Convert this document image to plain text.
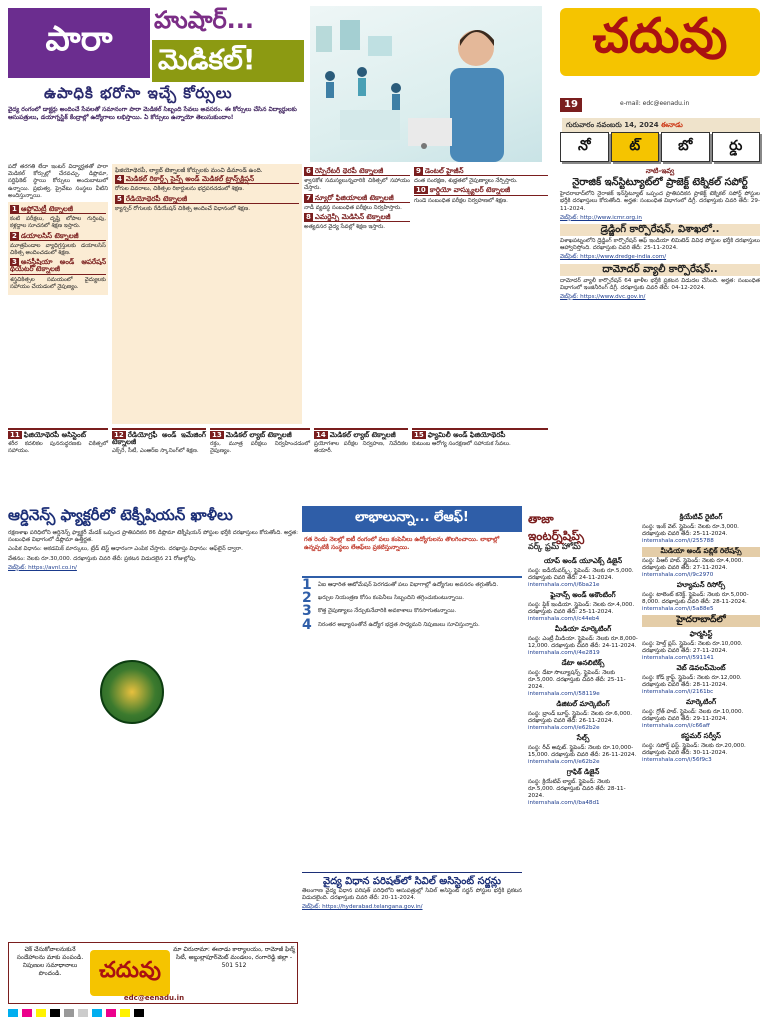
పారా	హుషార్...
మెడికల్!
ఉపాధికి భరోసా ఇచ్చే కోర్సులు
వైద్య రంగంలో డాక్టర్లు అందించే సేవలతో సమానంగా పారా మెడికల్ సిబ్బంది సేవలు అవసరం. ఈ కోర్సులు చేసిన విద్యార్థులకు ఆసుపత్రులు, డయాగ్నస్టిక్ కేంద్రాల్లో ఉద్యోగాలు లభిస్తాయి. ఏ కోర్సులు ఉన్నాయో తెలుసుకుందాం!
చదువు
19	e-mail: edc@eenadu.in
గురువారం నవంబరు 14, 2024 ఈనాడు
నో	ట్	బో	ర్డు

పదో తరగతి లేదా ఇంటర్ విద్యార్హతతో పారా మెడికల్ కోర్సుల్లో చేరవచ్చు. డిప్లొమా, సర్టిఫికెట్ స్థాయి కోర్సులు అందుబాటులో ఉన్నాయి. ప్రభుత్వ, ప్రైవేటు సంస్థలు వీటిని అందిస్తున్నాయి.

1 ఆప్టోమెట్రీ టెక్నాలజీ

కంటి పరీక్షలు, దృష్టి లోపాల గుర్తింపు, కళ్లద్దాల సూచనలో శిక్షణ ఇస్తారు.

2 డయాలసిస్ టెక్నాలజీ

మూత్రపిండాల వ్యాధిగ్రస్తులకు డయాలసిస్ చికిత్స అందించడంలో శిక్షణ.

3 అనస్థీషియా అండ్ ఆపరేషన్ థియేటర్ టెక్నాలజీ

శస్త్రచికిత్సల సమయంలో వైద్యులకు సహాయం చేయడంలో నైపుణ్యం.

ఫిజియోథెరపీ, ల్యాబ్ టెక్నాలజీ కోర్సులకు మంచి డిమాండ్ ఉంది.

4 మెడికల్ రికార్డ్స్ సైన్స్ అండ్ మెడికల్ ట్రాన్స్‌క్రిప్షన్

రోగుల వివరాలు, చికిత్సల రికార్డులను భద్రపరచడంలో శిక్షణ.

5 రేడియోథెరపీ టెక్నాలజీ

క్యాన్సర్ రోగులకు రేడియేషన్ చికిత్స అందించే విధానంలో శిక్షణ.

6 రెస్పిరేటరీ థెరపీ టెక్నాలజీ

శ్వాసకోశ సమస్యలున్నవారికి చికిత్సలో సహాయం చేస్తారు.

7 న్యూరో ఫిజియాలజీ టెక్నాలజీ

నాడీ వ్యవస్థ సంబంధిత పరీక్షలు నిర్వహిస్తారు.

8 ఎమర్జెన్సీ మెడిసిన్ టెక్నాలజీ

అత్యవసర వైద్య సేవల్లో శిక్షణ ఇస్తారు.

9 డెంటల్ హైజీన్

దంత సంరక్షణ, శుభ్రతలో నైపుణ్యాలు నేర్పిస్తారు.

10 కార్డియో వాస్క్యులర్ టెక్నాలజీ

గుండె సంబంధిత పరీక్షల నిర్వహణలో శిక్షణ.

11 ఫిజియోథెరపీ అసిస్టెంట్

శరీర కదలికల పునరుద్ధరణకు చికిత్సలో సహాయం.

12 రేడియోగ్రఫీ అండ్ ఇమేజింగ్ టెక్నాలజీ

ఎక్స్‌రే, సీటీ, ఎంఆర్ఐ స్కానింగ్‌లో శిక్షణ.

13 మెడికల్ ల్యాబ్ టెక్నాలజీ

రక్తం, మూత్ర పరీక్షలు నిర్వహించడంలో నైపుణ్యం.

14 మెడికల్ ల్యాబ్ టెక్నాలజీ

ప్రయోగశాల పరీక్షల నిర్వహణ, నివేదికల తయారీ.

15 ఫ్యామిలీ అండ్ ఫిజియోథెరపీ

కుటుంబ ఆరోగ్య సంరక్షణలో సహాయక సేవలు.

నాటి-ఇవ్వ
నైరాజిక్ ఇన్‌స్టిట్యూట్‌లో ప్రాజెక్ట్ టెక్నికల్ సపోర్ట్

హైదరాబాద్‌లోని నైరాజిక్ ఇన్‌స్టిట్యూట్ ఒప్పంద ప్రాతిపదికన ప్రాజెక్ట్ టెక్నికల్ సపోర్ట్ పోస్టుల భర్తీకి దరఖాస్తులు కోరుతోంది. అర్హత: సంబంధిత విభాగంలో డిగ్రీ. దరఖాస్తుకు చివరి తేదీ: 29-11-2024.

వెబ్‌సైట్: http://www.icmr.org.in

డ్రెడ్జింగ్ కార్పొరేషన్, విశాఖలో..

విశాఖపట్నంలోని డ్రెడ్జింగ్ కార్పొరేషన్ ఆఫ్ ఇండియా లిమిటెడ్ వివిధ పోస్టుల భర్తీకి దరఖాస్తులు ఆహ్వానిస్తోంది. దరఖాస్తుకు చివరి తేదీ: 25-11-2024.

వెబ్‌సైట్: https://www.dredge-india.com/

దామోదర్ వ్యాలీ కార్పొరేషన్..

దామోదర్ వ్యాలీ కార్పొరేషన్ 64 ఖాళీల భర్తీకి ప్రకటన విడుదల చేసింది. అర్హత: సంబంధిత విభాగంలో ఇంజినీరింగ్ డిగ్రీ. దరఖాస్తుకు చివరి తేదీ: 04-12-2024.

వెబ్‌సైట్: https://www.dvc.gov.in/

ఆర్డినెన్స్ ఫ్యాక్టరీలో టెక్నీషియన్ ఖాళీలు

రక్షణశాఖ పరిధిలోని ఆర్డినెన్స్ ఫ్యాక్టరీ మేడక్‌ ఒప్పంద ప్రాతిపదికన 86 డిప్లొమా టెక్నీషియన్ పోస్టుల భర్తీకి దరఖాస్తులు కోరుతోంది. అర్హత: సంబంధిత విభాగంలో డిప్లొమా ఉత్తీర్ణత.

ఎంపిక విధానం: అకడమిక్ మార్కులు, ట్రేడ్ టెస్ట్ ఆధారంగా ఎంపిక చేస్తారు. దరఖాస్తు విధానం: ఆఫ్‌లైన్ ద్వారా.

వేతనం: నెలకు రూ.30,000. దరఖాస్తుకు చివరి తేదీ: ప్రకటన విడుదలైన 21 రోజుల్లోపు.

వెబ్‌సైట్: https://avnl.co.in/

లాభాలున్నా... లేఆఫ్!
గత రెండు నెలల్లో ఐటీ రంగంలో పలు కంపెనీలు ఉద్యోగులను తొలగించాయి. లాభాల్లో ఉన్నప్పటికీ సంస్థలు లేఆఫ్‌లు ప్రకటిస్తున్నాయి.
1	ఏఐ ఆధారిత ఆటోమేషన్ పెరగడంతో పలు విభాగాల్లో ఉద్యోగుల అవసరం తగ్గుతోంది.

2	ఖర్చుల నియంత్రణ కోసం కంపెనీలు సిబ్బందిని తగ్గించుకుంటున్నాయి.

3	కొత్త నైపుణ్యాలు నేర్చుకునేవారికి అవకాశాలు కొనసాగుతున్నాయి.

4	నిరంతర అభ్యాసంతోనే ఉద్యోగ భద్రత సాధ్యమని నిపుణులు సూచిస్తున్నారు.

వైద్య విధాన పరిషత్‌లో సివిల్ అసిస్టెంట్ సర్జన్లు

తెలంగాణ వైద్య విధాన పరిషత్ పరిధిలోని ఆసుపత్రుల్లో సివిల్ అసిస్టెంట్ సర్జన్ పోస్టుల భర్తీకి ప్రకటన విడుదలైంది. దరఖాస్తుకు చివరి తేదీ: 20-11-2024.

వెబ్‌సైట్: https://hyderabad.telangana.gov.in/

తాజా ఇంటర్న్‌షిప్స్
వర్క్ ఫ్రమ్ హోమ్
యాప్ అండ్ యూఎక్స్ డిజైన్
సంస్థ: ఐడీయేవర్క్స్. స్టైపెండ్: నెలకు రూ.5,000. దరఖాస్తుకు చివరి తేదీ: 24-11-2024.
internshala.com/i/6ba21e
ఫైనాన్స్ అండ్ అకౌంటింగ్
సంస్థ: ఫ్లిక్ ఇండియా. స్టైపెండ్: నెలకు రూ.4,000. దరఖాస్తుకు చివరి తేదీ: 25-11-2024.
internshala.com/i/c44eb4
మీడియా మార్కెటింగ్
సంస్థ: ఎంట్రీ మీడియా. స్టైపెండ్: నెలకు రూ.8,000-12,000. దరఖాస్తుకు చివరి తేదీ: 24-11-2024.
internshala.com/i/4e2819
డేటా అనలిటిక్స్
సంస్థ: డేటా సొల్యూషన్స్. స్టైపెండ్: నెలకు రూ.5,000. దరఖాస్తుకు చివరి తేదీ: 25-11-2024.
internshala.com/i/58119e
డిజిటల్ మార్కెటింగ్
సంస్థ: బ్రాండ్ బూస్ట్. స్టైపెండ్: నెలకు రూ.6,000. దరఖాస్తుకు చివరి తేదీ: 26-11-2024.
internshala.com/i/e62b2e
సేల్స్
సంస్థ: రీచ్ అవుట్. స్టైపెండ్: నెలకు రూ.10,000-15,000. దరఖాస్తుకు చివరి తేదీ: 26-11-2024.
internshala.com/i/e62b2e
గ్రాఫిక్ డిజైన్
సంస్థ: క్రియేటివ్ ల్యాబ్. స్టైపెండ్: నెలకు రూ.5,000. దరఖాస్తుకు చివరి తేదీ: 28-11-2024.
internshala.com/i/ba48d1
క్రియేటివ్ రైటింగ్
సంస్థ: ఇంక్ వెల్. స్టైపెండ్: నెలకు రూ.3,000. దరఖాస్తుకు చివరి తేదీ: 25-11-2024.
internshala.com/i/255788
మీడియా అండ్ పబ్లిక్ రిలేషన్స్
సంస్థ: పీఆర్ హబ్. స్టైపెండ్: నెలకు రూ.4,000. దరఖాస్తుకు చివరి తేదీ: 27-11-2024.
internshala.com/i/9c2970
హ్యూమన్ రిసోర్స్
సంస్థ: టాలెంట్ కనెక్ట్. స్టైపెండ్: నెలకు రూ.5,000-8,000. దరఖాస్తుకు చివరి తేదీ: 28-11-2024.
internshala.com/i/5a88e5
హైదరాబాద్‌లో
ఫార్మసిస్ట్
సంస్థ: హెల్త్ ప్లస్. స్టైపెండ్: నెలకు రూ.10,000. దరఖాస్తుకు చివరి తేదీ: 27-11-2024.
internshala.com/i/591141
వెబ్ డెవలప్‌మెంట్
సంస్థ: కోడ్ క్రాఫ్ట్. స్టైపెండ్: నెలకు రూ.12,000. దరఖాస్తుకు చివరి తేదీ: 28-11-2024.
internshala.com/i/2161bc
మార్కెటింగ్
సంస్థ: గ్రోత్ హబ్. స్టైపెండ్: నెలకు రూ.10,000. దరఖాస్తుకు చివరి తేదీ: 29-11-2024.
internshala.com/i/c66aff
కస్టమర్ సర్వీస్
సంస్థ: సపోర్ట్ ఫస్ట్. స్టైపెండ్: నెలకు రూ.20,000. దరఖాస్తుకు చివరి తేదీ: 30-11-2024.
internshala.com/i/56f9c3
చెక్ చేసుకోవాలనుకునే సందేహాలను మాకు పంపండి. నిపుణుల సమాధానాలు పొందండి.	చదువు
మా చిరునామా: ఈనాడు కార్యాలయం, రామోజీ ఫిల్మ్ సిటీ, అబ్దుల్లాపూర్‌మెట్ మండలం, రంగారెడ్డి జిల్లా - 501 512
edc@eenadu.in
